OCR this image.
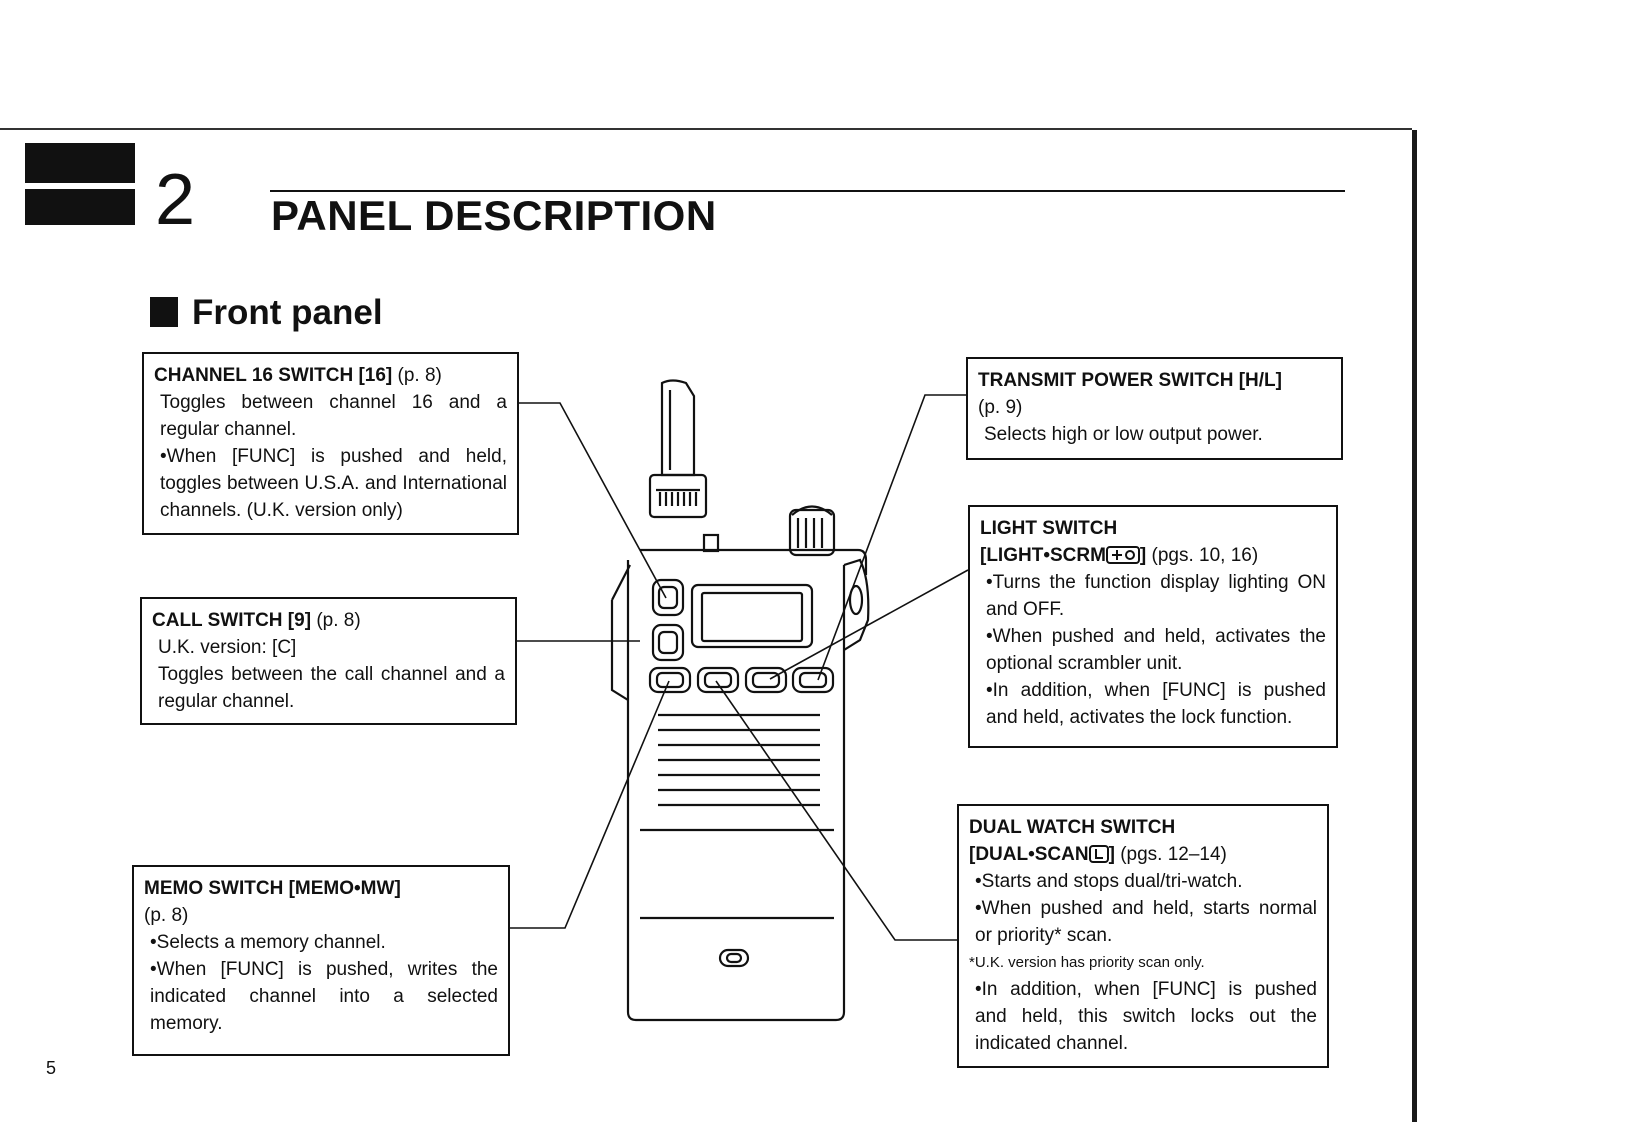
2 PANEL DESCRIPTION
Front panel
CHANNEL 16 SWITCH [16] (p. 8)
Toggles between channel 16 and a regular channel.
•When [FUNC] is pushed and held, toggles between U.S.A. and International channels. (U.K. version only)
CALL SWITCH [9] (p. 8)
U.K. version: [C]
Toggles between the call channel and a regular channel.
MEMO SWITCH [MEMO•MW]
(p. 8)
•Selects a memory channel.
•When [FUNC] is pushed, writes the indicated channel into a selected memory.
TRANSMIT POWER SWITCH [H/L]
(p. 9)
Selects high or low output power.
LIGHT SWITCH
[LIGHT•SCRM ] (pgs. 10, 16)
•Turns the function display lighting ON and OFF.
•When pushed and held, activates the optional scrambler unit.
•In addition, when [FUNC] is pushed and held, activates the lock function.
DUAL WATCH SWITCH
[DUAL•SCAN ] (pgs. 12–14)
•Starts and stops dual/tri-watch.
•When pushed and held, starts normal or priority* scan.
*U.K. version has priority scan only.
•In addition, when [FUNC] is pushed and held, this switch locks out the indicated channel.
5
